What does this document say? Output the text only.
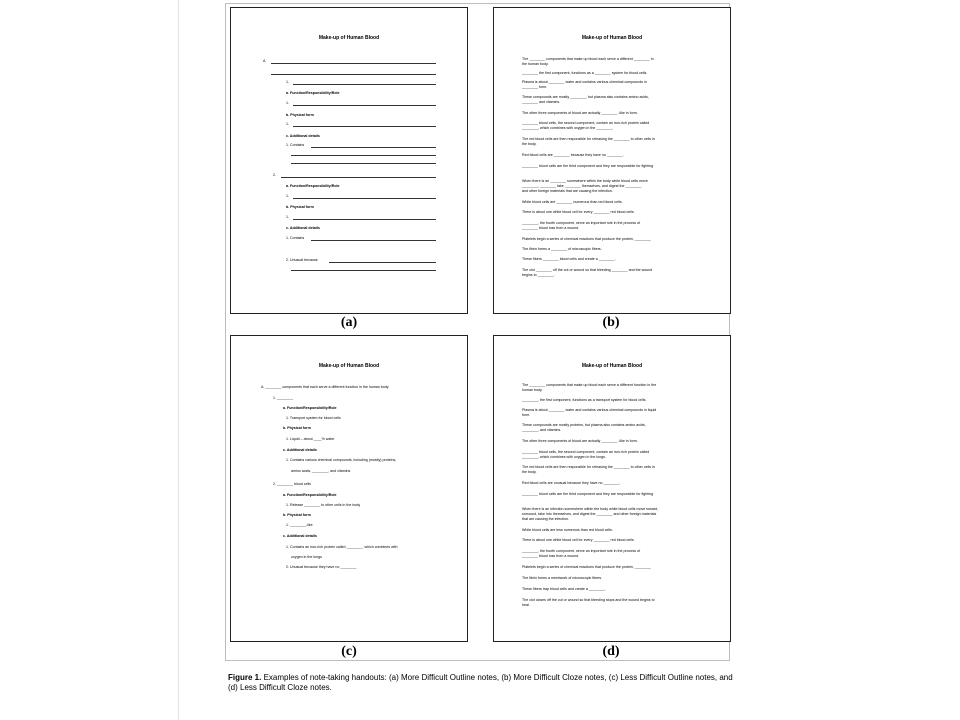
Make-up of Human Blood
A.
1.
a. Function/Responsibility/Role
1.
b. Physical form
1.
c. Additional details
1. Contains
2.
a. Function/Responsibility/Role
1.
b. Physical form
1.
c. Additional details
1. Contains
2. Unusual because
(a)
Make-up of Human Blood
The ________ components that make up blood each serve a different ________ in
the human body.
________ the first component, functions as a ________ system for blood cells.
Plasma is about ________ water and contains various chemical compounds in
________ form.
These compounds are mostly ________, but plasma also contains amino acids,
________ and vitamins.
The other three components of blood are actually ________ -like in form.
________ blood cells, the second component, contain an iron-rich protein called
________, which combines with oxygen in the ________.
The red blood cells are then responsible for releasing the ________ to other cells in
the body.
Red blood cells are ________ because they have no ________.
________ blood cells are the third component and they are responsible for fighting
When there is an ________ somewhere within the body white blood cells move
________, ________ take ________ themselves, and digest the ________
and other foreign materials that are causing the infection.
White blood cells are ________ numerous than red blood cells.
There is about one white blood cell for every ________ red blood cells.
________, the fourth component, serve an important role in the process of
________ blood loss from a wound.
Platelets begin a series of chemical reactions that produce the protein, ________
The fibrin forms a ________ of microscopic fibers.
These fibers ________ blood cells and create a ________.
The clot ________ off the cut or wound so that bleeding ________ and the wound
begins to ________.
(b)
Make-up of Human Blood
A. ________ components that each serve a different function in the human body
1. ________
a. Function/Responsibility/Role
1. Transport system for blood cells
b. Physical form
1. Liquid – about ____% water
c. Additional details
1. Contains various chemical compounds, including (mostly) proteins,
amino acids, ________, and vitamins
2. ________ blood cells
a. Function/Responsibility/Role
1. Release ________ to other cells in the body
b. Physical form
1. ________-like
c. Additional details
1. Contains an iron-rich protein called ________, which combines with
oxygen in the lungs
2. Unusual because they have no ________
(c)
Make-up of Human Blood
The ________ components that make up blood each serve a different function in the
human body.
________, the first component, functions as a transport system for blood cells.
Plasma is about ________ water and contains various chemical compounds in liquid
form.
These compounds are mostly proteins, but plasma also contains amino acids,
________, and vitamins.
The other three components of blood are actually ________ -like in form.
________ blood cells, the second component, contain an iron-rich protein called
________, which combines with oxygen in the lungs.
The red blood cells are then responsible for releasing the ________ to other cells in
the body.
Red blood cells are unusual because they have no ________.
________ blood cells are the third component and they are responsible for fighting
When there is an infection somewhere within the body white blood cells move toward,
surround, take into themselves, and digest the ________ and other foreign materials
that are causing the infection.
White blood cells are less numerous than red blood cells.
There is about one white blood cell for every ________ red blood cells.
________, the fourth component, serve an important role in the process of
________ blood loss from a wound.
Platelets begin a series of chemical reactions that produce the protein, ________
The fibrin forms a meshwork of microscopic fibers.
These fibers trap blood cells and create a ________.
The clot closes off the cut or wound so that bleeding stops and the wound begins to
heal.
(d)
Figure 1. Examples of note-taking handouts: (a) More Difficult Outline notes, (b) More Difficult Cloze notes, (c) Less Difficult Outline notes, and (d) Less Difficult Cloze notes.
